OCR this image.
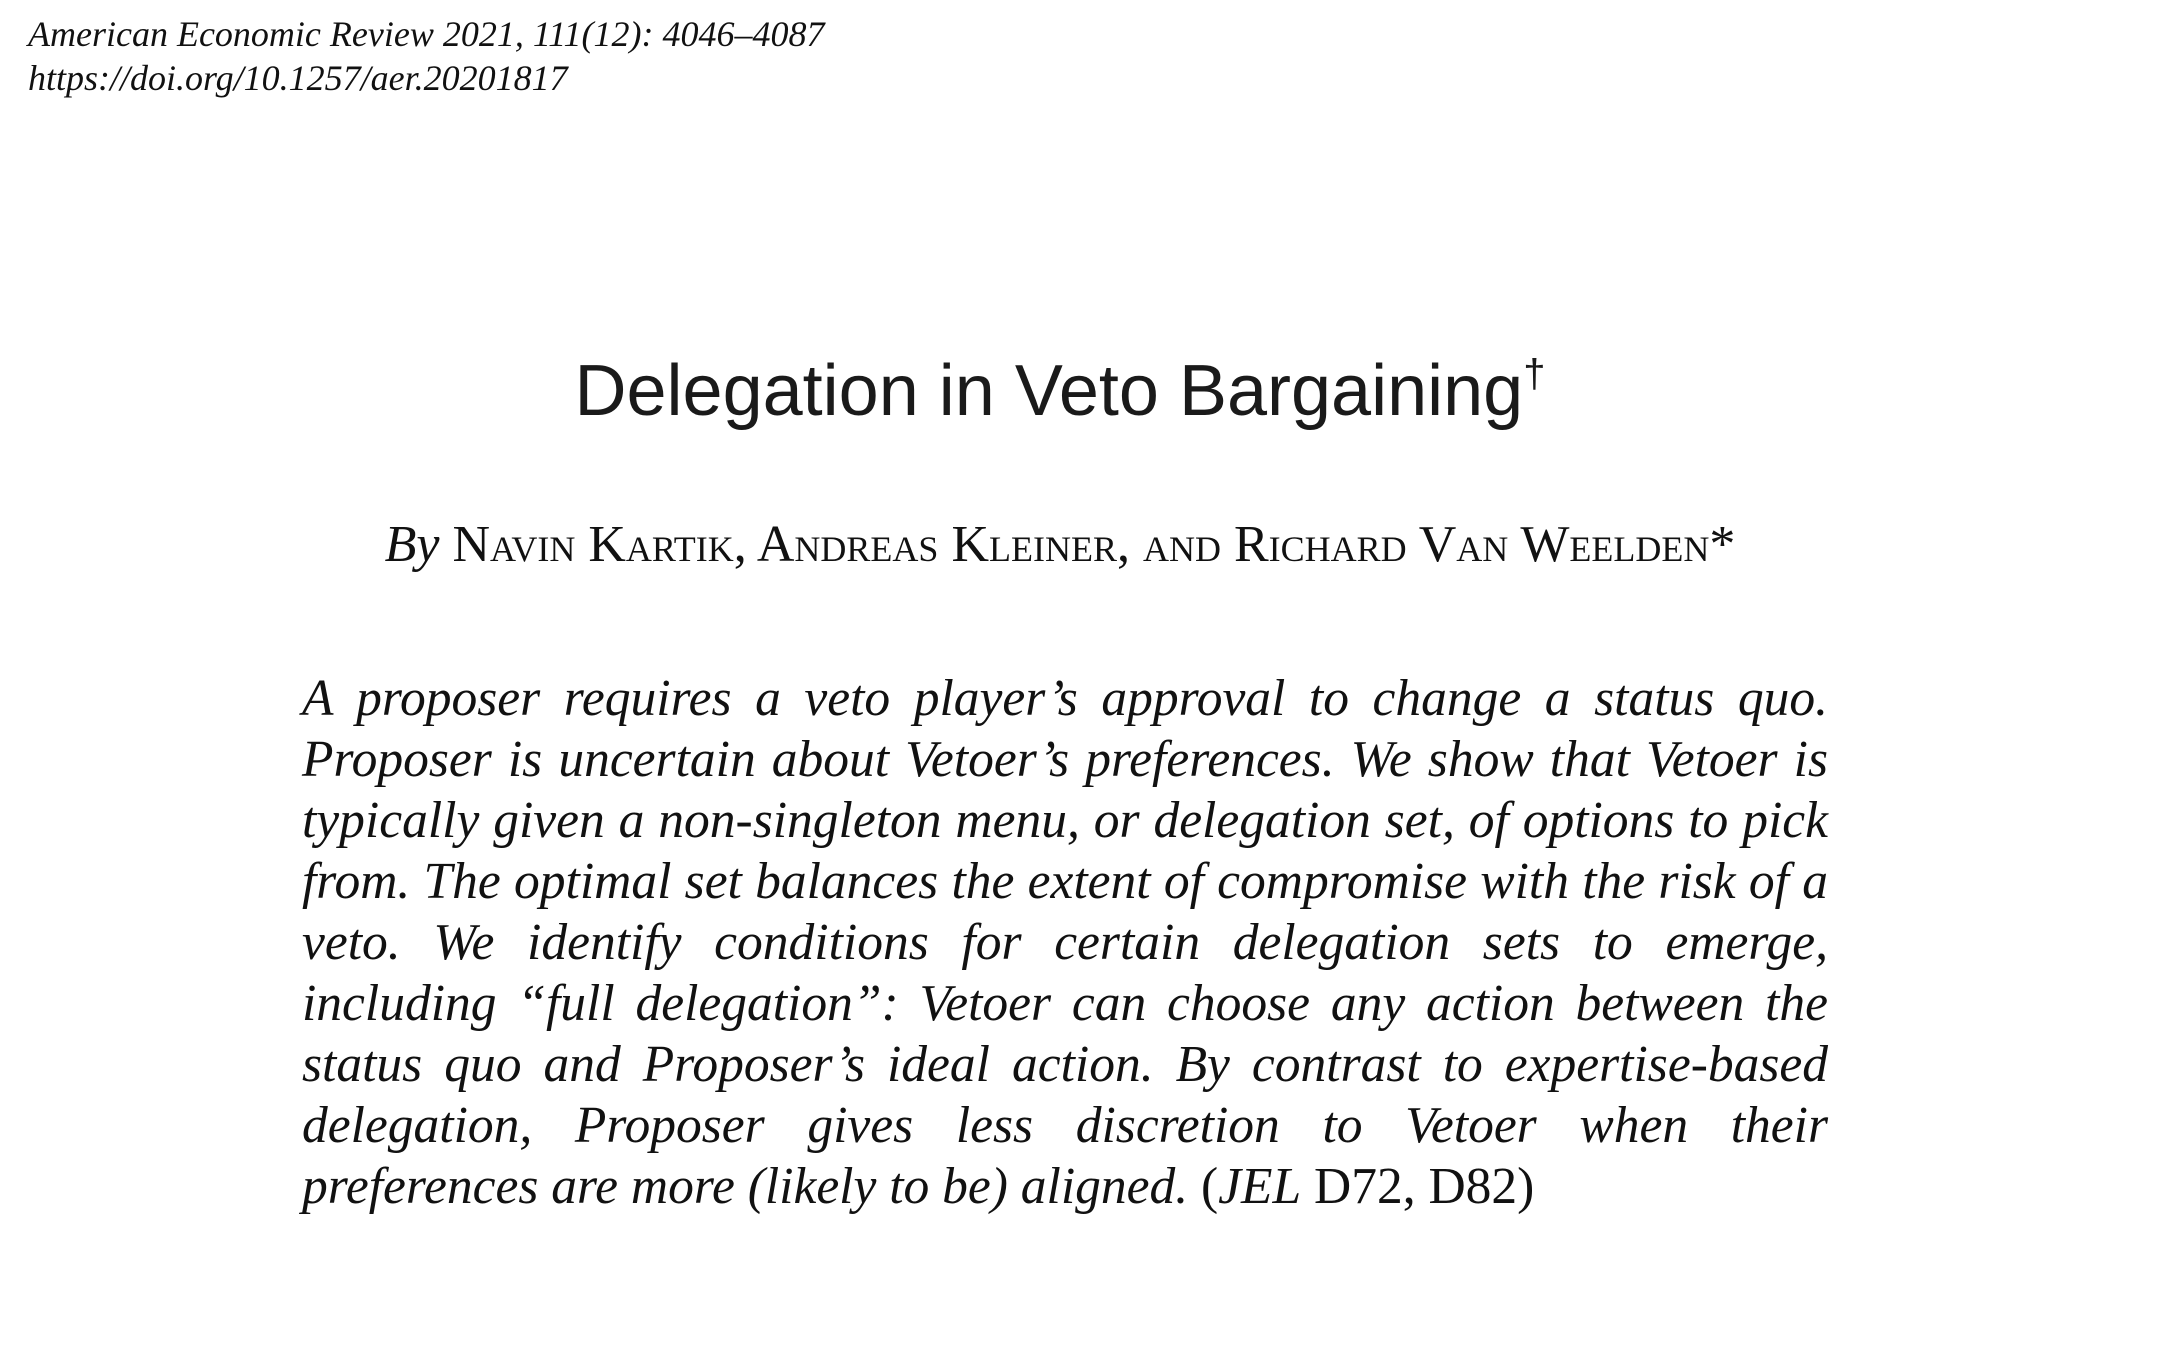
American Economic Review 2021, 111(12): 4046–4087
https://doi.org/10.1257/aer.20201817
Delegation in Veto Bargaining†
By Navin Kartik, Andreas Kleiner, and Richard Van Weelden*
A proposer requires a veto player’s approval to change a status quo. Proposer is uncertain about Vetoer’s preferences. We show that Vetoer is typically given a non-singleton menu, or delegation set, of options to pick from. The optimal set balances the extent of compromise with the risk of a veto. We identify conditions for certain delegation sets to emerge, including “full delegation”: Vetoer can choose any action between the status quo and Proposer’s ideal action. By contrast to expertise-based delegation, Proposer gives less discretion to Vetoer when their preferences are more (likely to be) aligned. (JEL D72, D82)
